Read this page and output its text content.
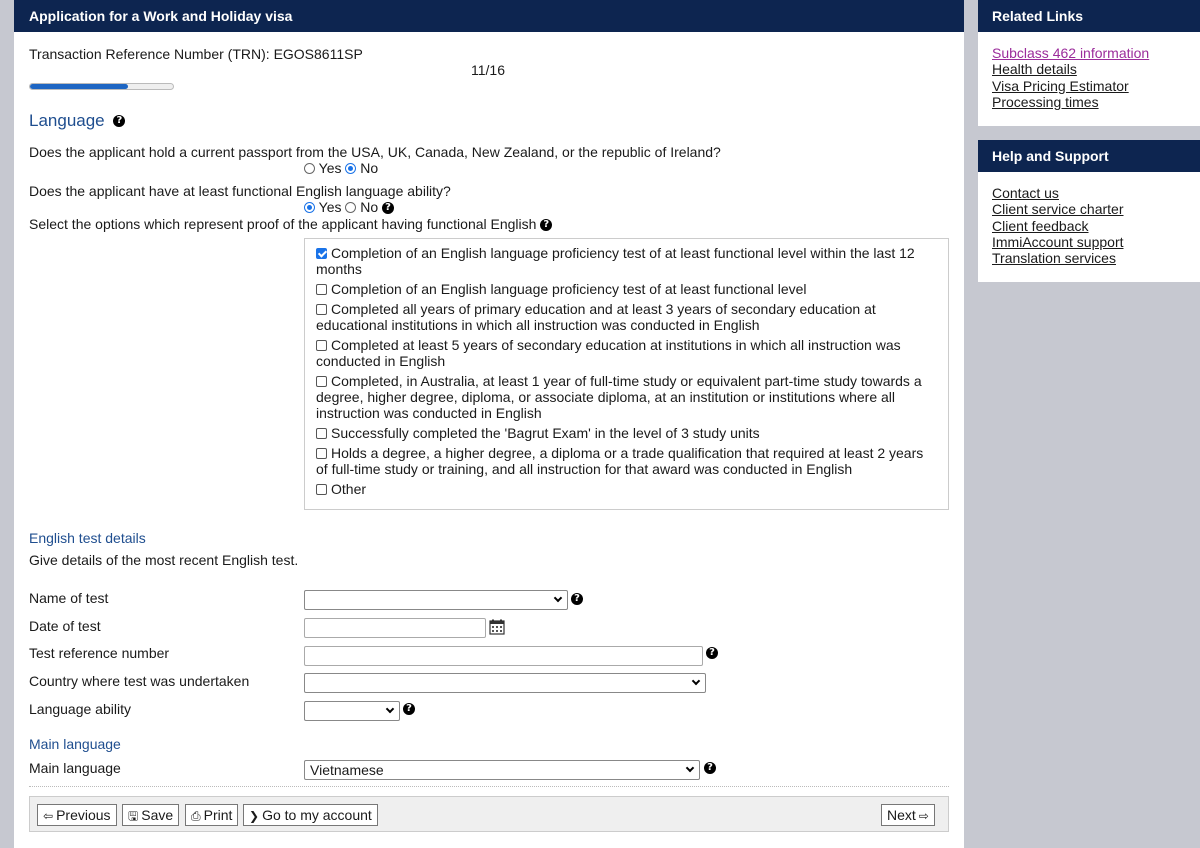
Application for a Work and Holiday visa
Transaction Reference Number (TRN): EGOS8611SP
11/16
Language ?
Does the applicant hold a current passport from the USA, UK, Canada, New Zealand, or the republic of Ireland?
Yes No
Does the applicant have at least functional English language ability?
Yes No ?
Select the options which represent proof of the applicant having functional English ?
Completion of an English language proficiency test of at least functional level within the last 12 months
Completion of an English language proficiency test of at least functional level
Completed all years of primary education and at least 3 years of secondary education at educational institutions in which all instruction was conducted in English
Completed at least 5 years of secondary education at institutions in which all instruction was conducted in English
Completed, in Australia, at least 1 year of full-time study or equivalent part-time study towards a degree, higher degree, diploma, or associate diploma, at an institution or institutions where all instruction was conducted in English
Successfully completed the 'Bagrut Exam' in the level of 3 study units
Holds a degree, a higher degree, a diploma or a trade qualification that required at least 2 years of full-time study or training, and all instruction for that award was conducted in English
Other
English test details
Give details of the most recent English test.
Name of test	?
Date of test
Test reference number	?
Country where test was undertaken
Language ability	?
Main language
Main language	Vietnamese	?
⇦ Previous	🖫 Save	⎙ Print	❯ Go to my account	Next ⇨
Related Links
Subclass 462 information
Health details
Visa Pricing Estimator
Processing times
Help and Support
Contact us
Client service charter
Client feedback
ImmiAccount support
Translation services
